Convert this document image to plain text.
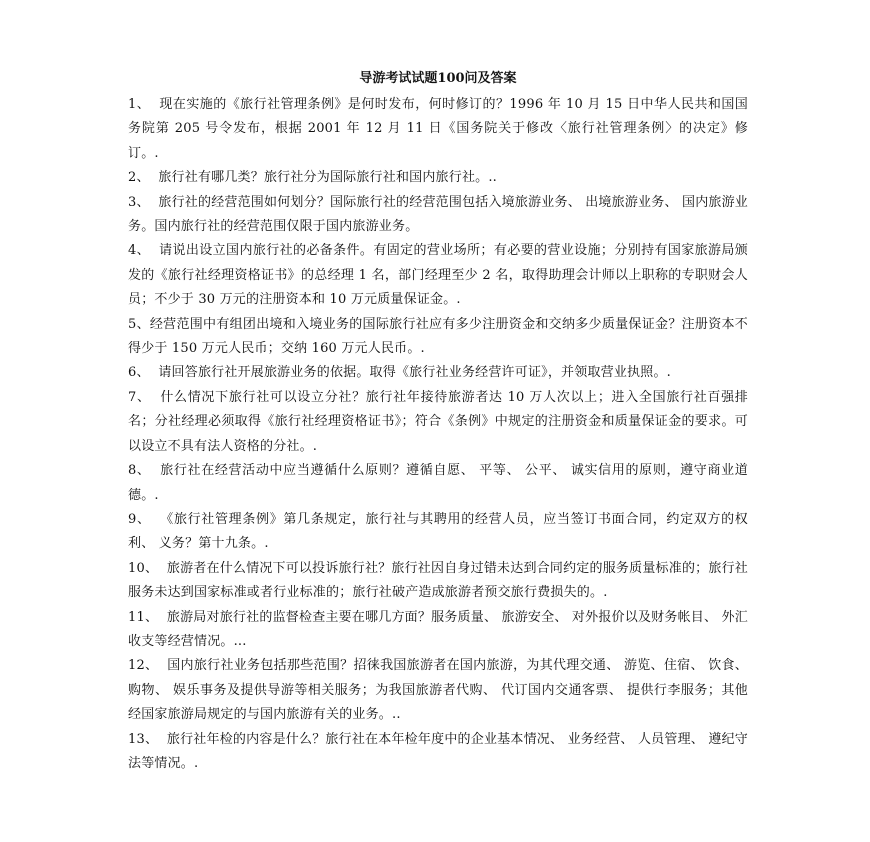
导游考试试题100问及答案

1、 现在实施的《旅行社管理条例》是何时发布，何时修订的？1996 年 10 月 15 日中华人民共和国国务院第 205 号令发布，根据 2001 年 12 月 11 日《国务院关于修改〈旅行社管理条例〉的决定》修订。.

2、 旅行社有哪几类？旅行社分为国际旅行社和国内旅行社。..

3、 旅行社的经营范围如何划分？国际旅行社的经营范围包括入境旅游业务、 出境旅游业务、 国内旅游业务。国内旅行社的经营范围仅限于国内旅游业务。

4、 请说出设立国内旅行社的必备条件。有固定的营业场所；有必要的营业设施；分别持有国家旅游局颁发的《旅行社经理资格证书》的总经理 1 名，部门经理至少 2 名，取得助理会计师以上职称的专职财会人员；不少于 30 万元的注册资本和 10 万元质量保证金。.

5、经营范围中有组团出境和入境业务的国际旅行社应有多少注册资金和交纳多少质量保证金？注册资本不得少于 150 万元人民币；交纳 160 万元人民币。.

6、 请回答旅行社开展旅游业务的依据。取得《旅行社业务经营许可证》，并领取营业执照。.

7、 什么情况下旅行社可以设立分社？旅行社年接待旅游者达 10 万人次以上；进入全国旅行社百强排名；分社经理必须取得《旅行社经理资格证书》；符合《条例》中规定的注册资金和质量保证金的要求。可以设立不具有法人资格的分社。.

8、 旅行社在经营活动中应当遵循什么原则？遵循自愿、 平等、 公平、 诚实信用的原则，遵守商业道德。.

9、 《旅行社管理条例》第几条规定，旅行社与其聘用的经营人员，应当签订书面合同，约定双方的权利、 义务？第十九条。.

10、 旅游者在什么情况下可以投诉旅行社？旅行社因自身过错未达到合同约定的服务质量标准的；旅行社服务未达到国家标准或者行业标准的；旅行社破产造成旅游者预交旅行费损失的。.

11、 旅游局对旅行社的监督检查主要在哪几方面？服务质量、 旅游安全、 对外报价以及财务帐目、 外汇收支等经营情况。...

12、 国内旅行社业务包括那些范围？招徕我国旅游者在国内旅游，为其代理交通、 游览、住宿、 饮食、 购物、 娱乐事务及提供导游等相关服务；为我国旅游者代购、 代订国内交通客票、 提供行李服务；其他经国家旅游局规定的与国内旅游有关的业务。..

13、 旅行社年检的内容是什么？旅行社在本年检年度中的企业基本情况、 业务经营、 人员管理、 遵纪守法等情况。.
